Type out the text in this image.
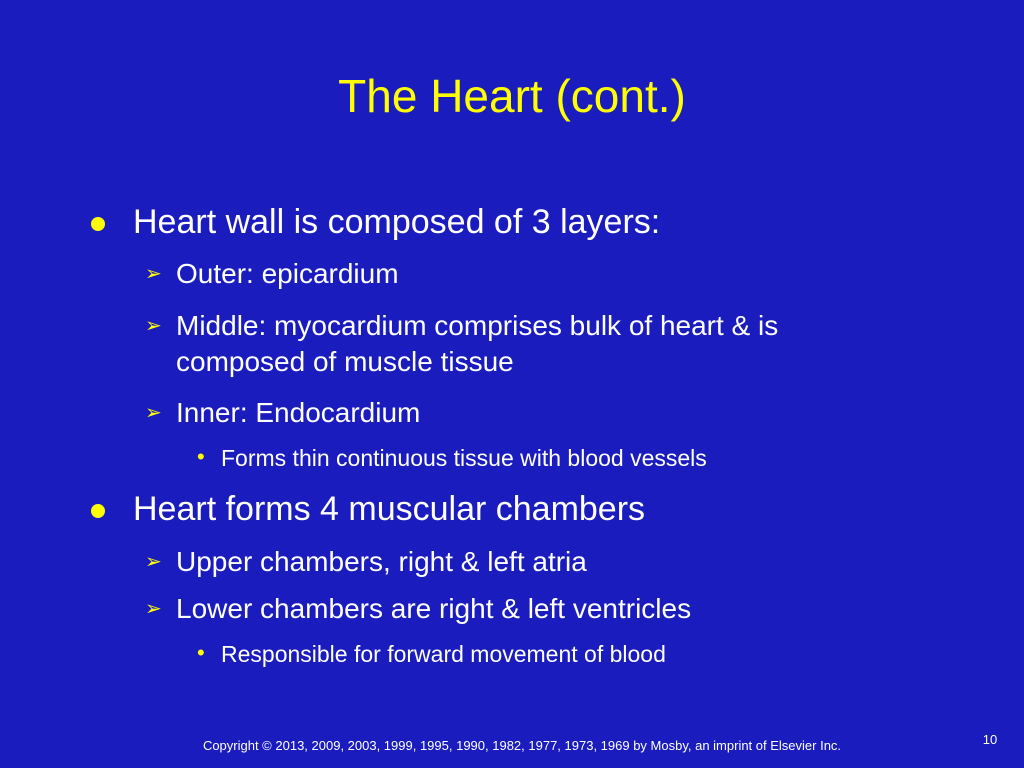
The Heart (cont.)
Heart wall is composed of 3 layers:
➢ Outer: epicardium
➢ Middle: myocardium comprises bulk of heart & is
composed of muscle tissue
➢ Inner: Endocardium
• Forms thin continuous tissue with blood vessels
Heart forms 4 muscular chambers
➢ Upper chambers, right & left atria
➢ Lower chambers are right & left ventricles
• Responsible for forward movement of blood
Copyright © 2013, 2009, 2003, 1999, 1995, 1990, 1982, 1977, 1973, 1969 by Mosby, an imprint of Elsevier Inc.	10
